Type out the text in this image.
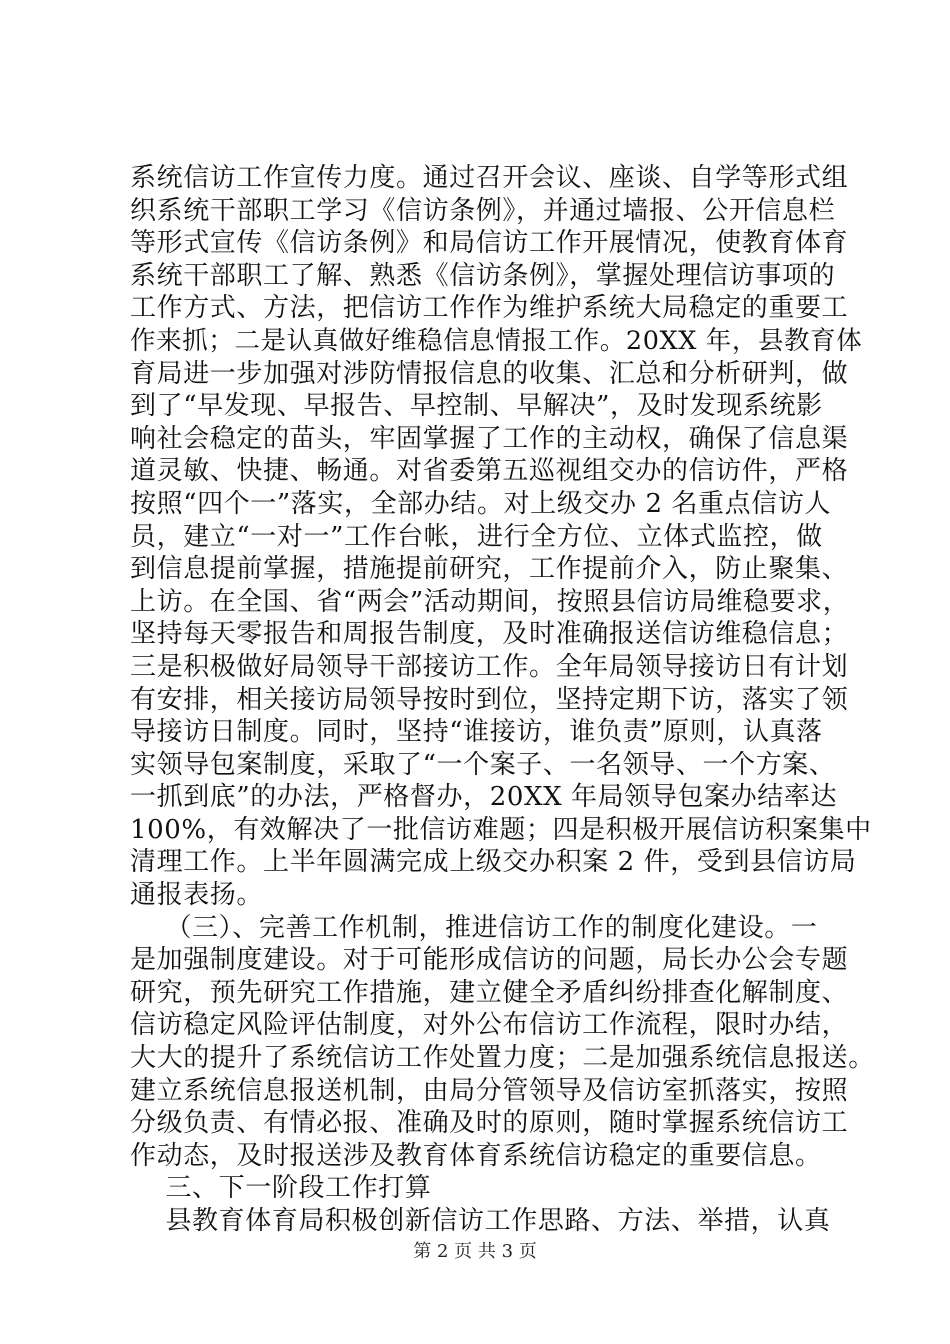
系统信访工作宣传力度。通过召开会议、座谈、自学等形式组
织系统干部职工学习《信访条例》，并通过墙报、公开信息栏
等形式宣传《信访条例》和局信访工作开展情况，使教育体育
系统干部职工了解、熟悉《信访条例》，掌握处理信访事项的
工作方式、方法，把信访工作作为维护系统大局稳定的重要工
作来抓；二是认真做好维稳信息情报工作。20XX 年，县教育体
育局进一步加强对涉防情报信息的收集、汇总和分析研判，做
到了“早发现、早报告、早控制、早解决”，及时发现系统影
响社会稳定的苗头，牢固掌握了工作的主动权，确保了信息渠
道灵敏、快捷、畅通。对省委第五巡视组交办的信访件，严格
按照“四个一”落实，全部办结。对上级交办 2 名重点信访人
员，建立“一对一”工作台帐，进行全方位、立体式监控，做
到信息提前掌握，措施提前研究，工作提前介入，防止聚集、
上访。在全国、省“两会”活动期间，按照县信访局维稳要求，
坚持每天零报告和周报告制度，及时准确报送信访维稳信息；
三是积极做好局领导干部接访工作。全年局领导接访日有计划
有安排，相关接访局领导按时到位，坚持定期下访，落实了领
导接访日制度。同时，坚持“谁接访，谁负责”原则，认真落
实领导包案制度，采取了“一个案子、一名领导、一个方案、
一抓到底”的办法，严格督办，20XX 年局领导包案办结率达
100%，有效解决了一批信访难题；四是积极开展信访积案集中
清理工作。上半年圆满完成上级交办积案 2 件，受到县信访局
通报表扬。
（三）、完善工作机制，推进信访工作的制度化建设。一
是加强制度建设。对于可能形成信访的问题，局长办公会专题
研究，预先研究工作措施，建立健全矛盾纠纷排查化解制度、
信访稳定风险评估制度，对外公布信访工作流程，限时办结，
大大的提升了系统信访工作处置力度；二是加强系统信息报送。
建立系统信息报送机制，由局分管领导及信访室抓落实，按照
分级负责、有情必报、准确及时的原则，随时掌握系统信访工
作动态，及时报送涉及教育体育系统信访稳定的重要信息。
三、下一阶段工作打算
县教育体育局积极创新信访工作思路、方法、举措，认真
第 2 页 共 3 页
